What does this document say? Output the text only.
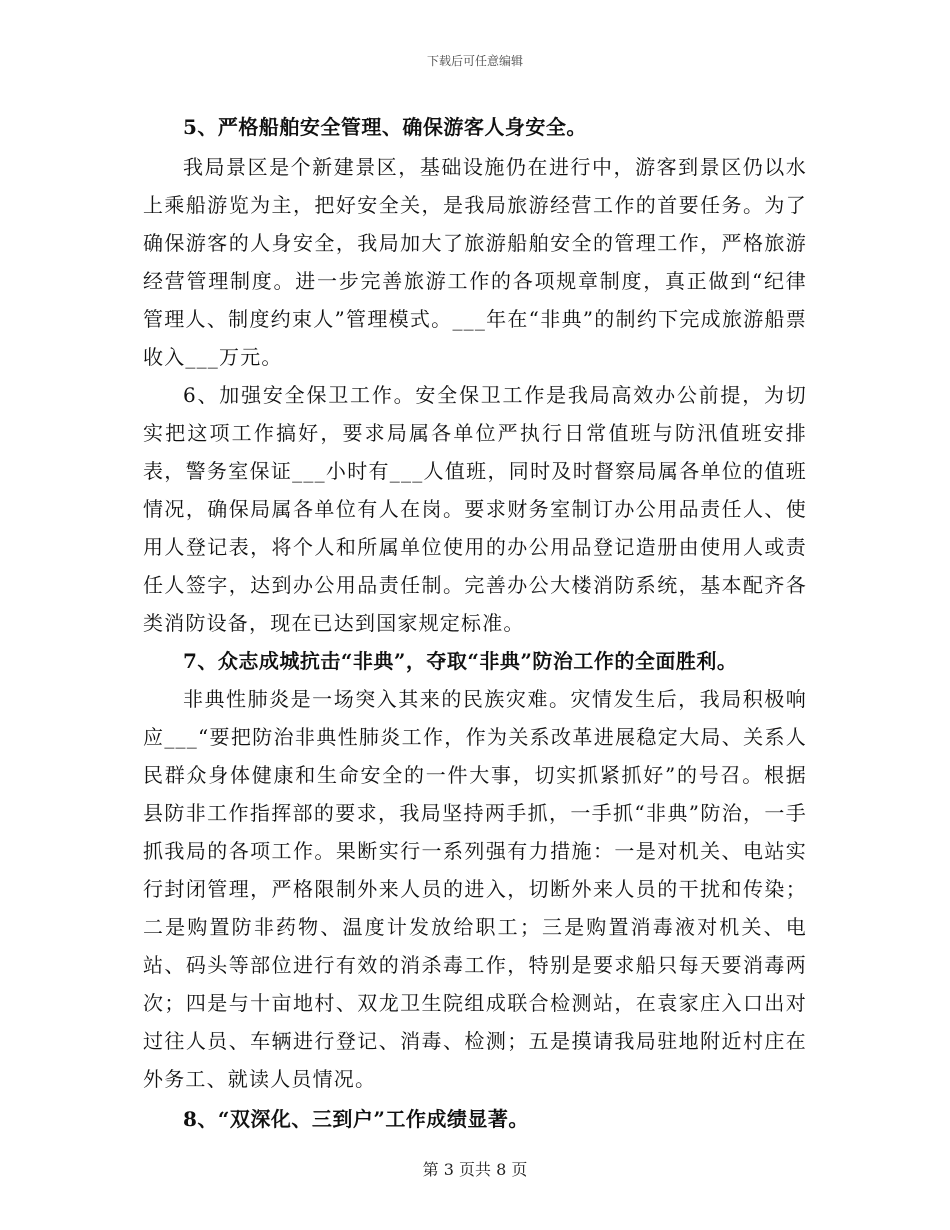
下载后可任意编辑

5、严格船舶安全管理、确保游客人身安全。

我局景区是个新建景区，基础设施仍在进行中，游客到景区仍以水上乘船游览为主，把好安全关，是我局旅游经营工作的首要任务。为了确保游客的人身安全，我局加大了旅游船舶安全的管理工作，严格旅游经营管理制度。进一步完善旅游工作的各项规章制度，真正做到“纪律管理人、制度约束人”管理模式。___年在“非典”的制约下完成旅游船票收入___万元。

6、加强安全保卫工作。安全保卫工作是我局高效办公前提，为切实把这项工作搞好，要求局属各单位严执行日常值班与防汛值班安排表，警务室保证___小时有___人值班，同时及时督察局属各单位的值班情况，确保局属各单位有人在岗。要求财务室制订办公用品责任人、使用人登记表，将个人和所属单位使用的办公用品登记造册由使用人或责任人签字，达到办公用品责任制。完善办公大楼消防系统，基本配齐各类消防设备，现在已达到国家规定标准。

7、众志成城抗击“非典”，夺取“非典”防治工作的全面胜利。

非典性肺炎是一场突入其来的民族灾难。灾情发生后，我局积极响应___“要把防治非典性肺炎工作，作为关系改革进展稳定大局、关系人民群众身体健康和生命安全的一件大事，切实抓紧抓好”的号召。根据县防非工作指挥部的要求，我局坚持两手抓，一手抓“非典”防治，一手抓我局的各项工作。果断实行一系列强有力措施：一是对机关、电站实行封闭管理，严格限制外来人员的进入，切断外来人员的干扰和传染；二是购置防非药物、温度计发放给职工；三是购置消毒液对机关、电站、码头等部位进行有效的消杀毒工作，特别是要求船只每天要消毒两次；四是与十亩地村、双龙卫生院组成联合检测站，在袁家庄入口出对过往人员、车辆进行登记、消毒、检测；五是摸请我局驻地附近村庄在外务工、就读人员情况。

8、“双深化、三到户”工作成绩显著。

第 3 页共 8 页
